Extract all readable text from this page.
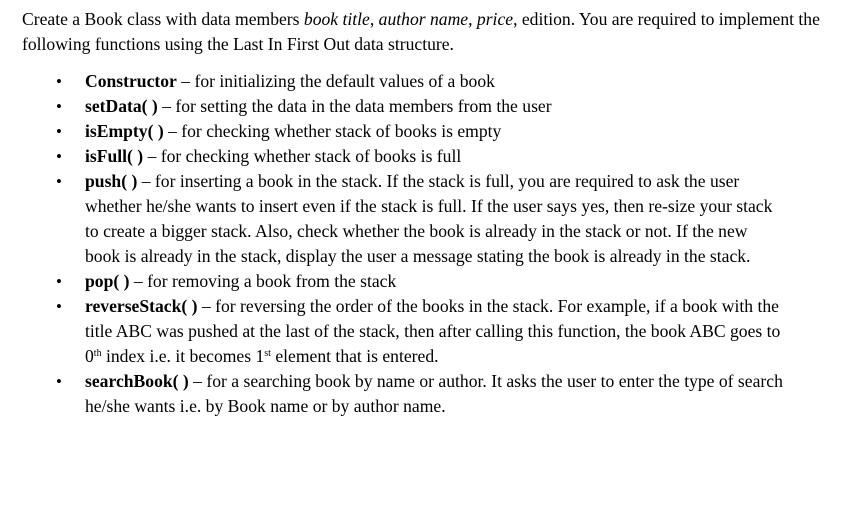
Create a Book class with data members book title, author name, price, edition. You are required to implement the following functions using the Last In First Out data structure.

• Constructor – for initializing the default values of a book
• setData( ) – for setting the data in the data members from the user
• isEmpty( ) – for checking whether stack of books is empty
• isFull( ) – for checking whether stack of books is full
• push( ) – for inserting a book in the stack. If the stack is full, you are required to ask the user whether he/she wants to insert even if the stack is full. If the user says yes, then re-size your stack to create a bigger stack. Also, check whether the book is already in the stack or not. If the new book is already in the stack, display the user a message stating the book is already in the stack.
• pop( ) – for removing a book from the stack
• reverseStack( ) – for reversing the order of the books in the stack. For example, if a book with the title ABC was pushed at the last of the stack, then after calling this function, the book ABC goes to 0th index i.e. it becomes 1st element that is entered.
• searchBook( ) – for a searching book by name or author. It asks the user to enter the type of search he/she wants i.e. by Book name or by author name.
